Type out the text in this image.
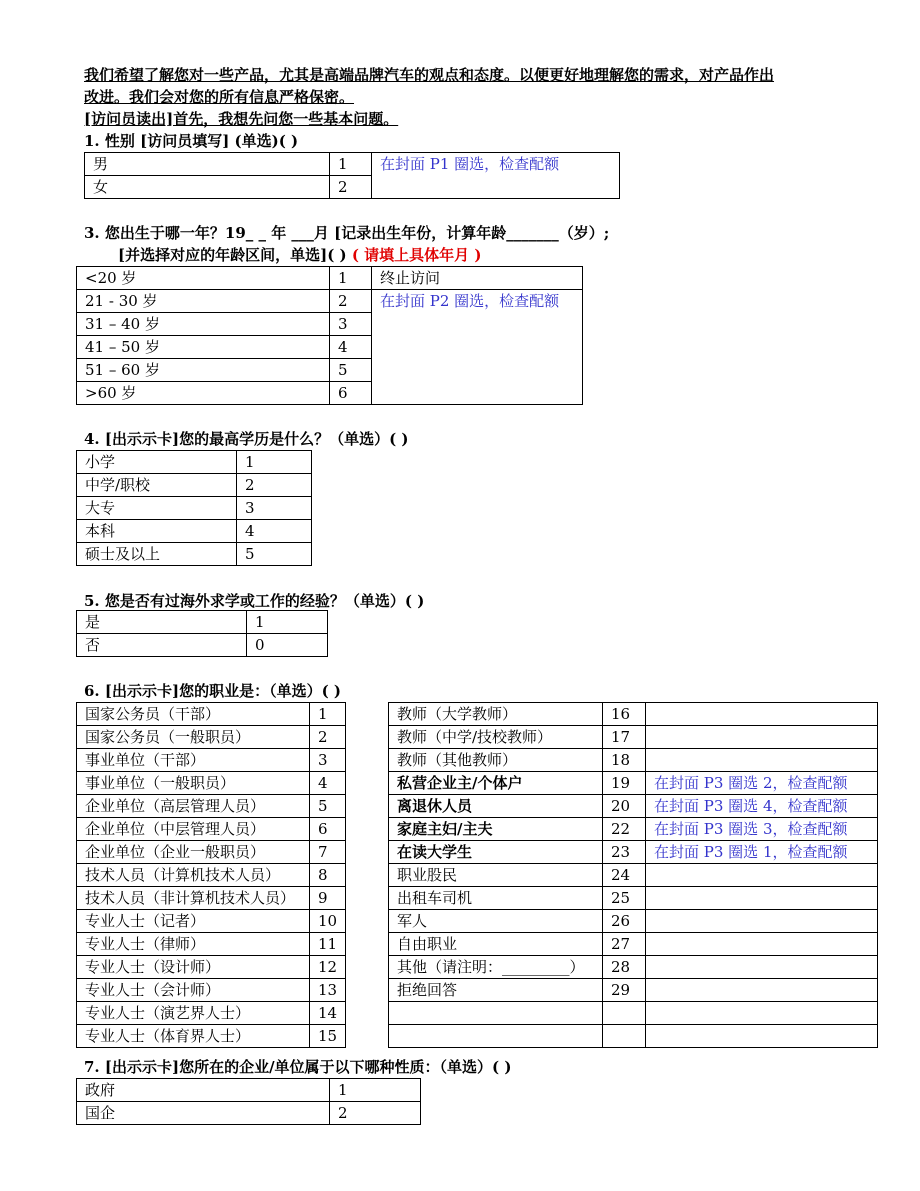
我们希望了解您对一些产品，尤其是高端品牌汽车的观点和态度。以便更好地理解您的需求，对产品作出
改进。我们会对您的所有信息严格保密。
[访问员读出]首先，我想先问您一些基本问题。
1. 性别 [访问员填写] (单选)( )
男	1	在封面 P1 圈选，检查配额
女	2	
3. 您出生于哪一年？19_ _ 年 ___月 [记录出生年份，计算年龄_______（岁）;
[并选择对应的年龄区间，单选]( ) ( 请填上具体年月 )
<20 岁	1	终止访问
21 - 30 岁	2	在封面 P2 圈选，检查配额
31 – 40 岁	3	
41 – 50 岁	4	
51 – 60 岁	5	
>60 岁	6	
4. [出示示卡]您的最高学历是什么？（单选）( )
小学	1
中学/职校	2
大专	3
本科	4
硕士及以上	5
5. 您是否有过海外求学或工作的经验？（单选）( )
是	1
否	0
6. [出示示卡]您的职业是：（单选）( )
国家公务员（干部）	1
国家公务员（一般职员）	2
事业单位（干部）	3
事业单位（一般职员）	4
企业单位（高层管理人员）	5
企业单位（中层管理人员）	6
企业单位（企业一般职员）	7
技术人员（计算机技术人员）	8
技术人员（非计算机技术人员）	9
专业人士（记者）	10
专业人士（律师）	11
专业人士（设计师）	12
专业人士（会计师）	13
专业人士（演艺界人士）	14
专业人士（体育界人士）	15
教师（大学教师）	16	
教师（中学/技校教师）	17	
教师（其他教师）	18	
私营企业主/个体户	19	在封面 P3 圈选 2，检查配额
离退休人员	20	在封面 P3 圈选 4，检查配额
家庭主妇/主夫	22	在封面 P3 圈选 3，检查配额
在读大学生	23	在封面 P3 圈选 1，检查配额
职业股民	24	
出租车司机	25	
军人	26	
自由职业	27	
其他（请注明：_________）	28	
拒绝回答	29	

7. [出示示卡]您所在的企业/单位属于以下哪种性质：（单选）( )
政府	1
国企	2
